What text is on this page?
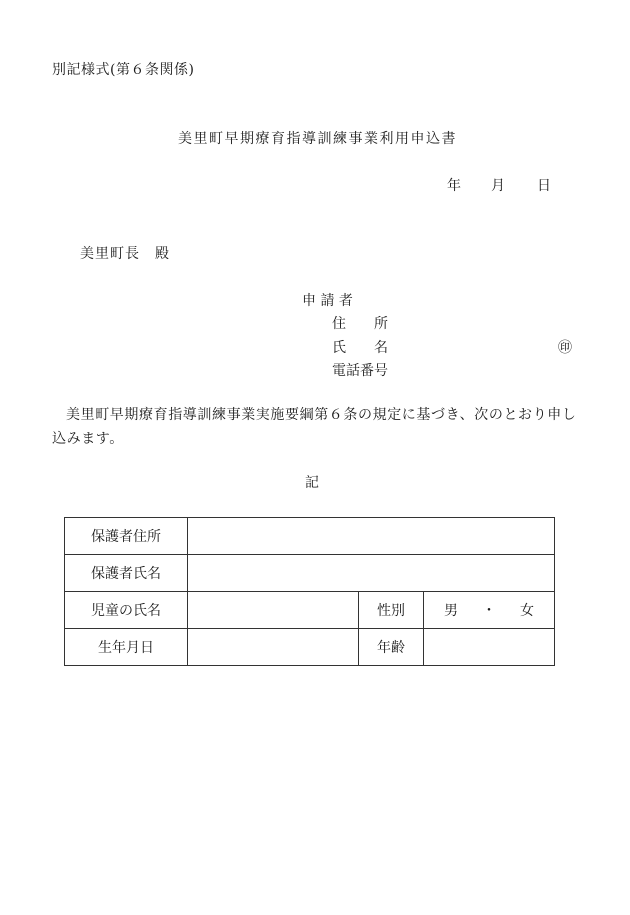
別記様式(第６条関係)
美里町早期療育指導訓練事業利用申込書
年 月 日
美里町長　殿
申 請 者
住　　所
氏　　名	㊞
電話番号
美里町早期療育指導訓練事業実施要綱第６条の規定に基づき、次のとおり申し込みます。
記
保護者住所			
保護者氏名			
児童の氏名		性別	男 ・ 女
生年月日		年齢	
